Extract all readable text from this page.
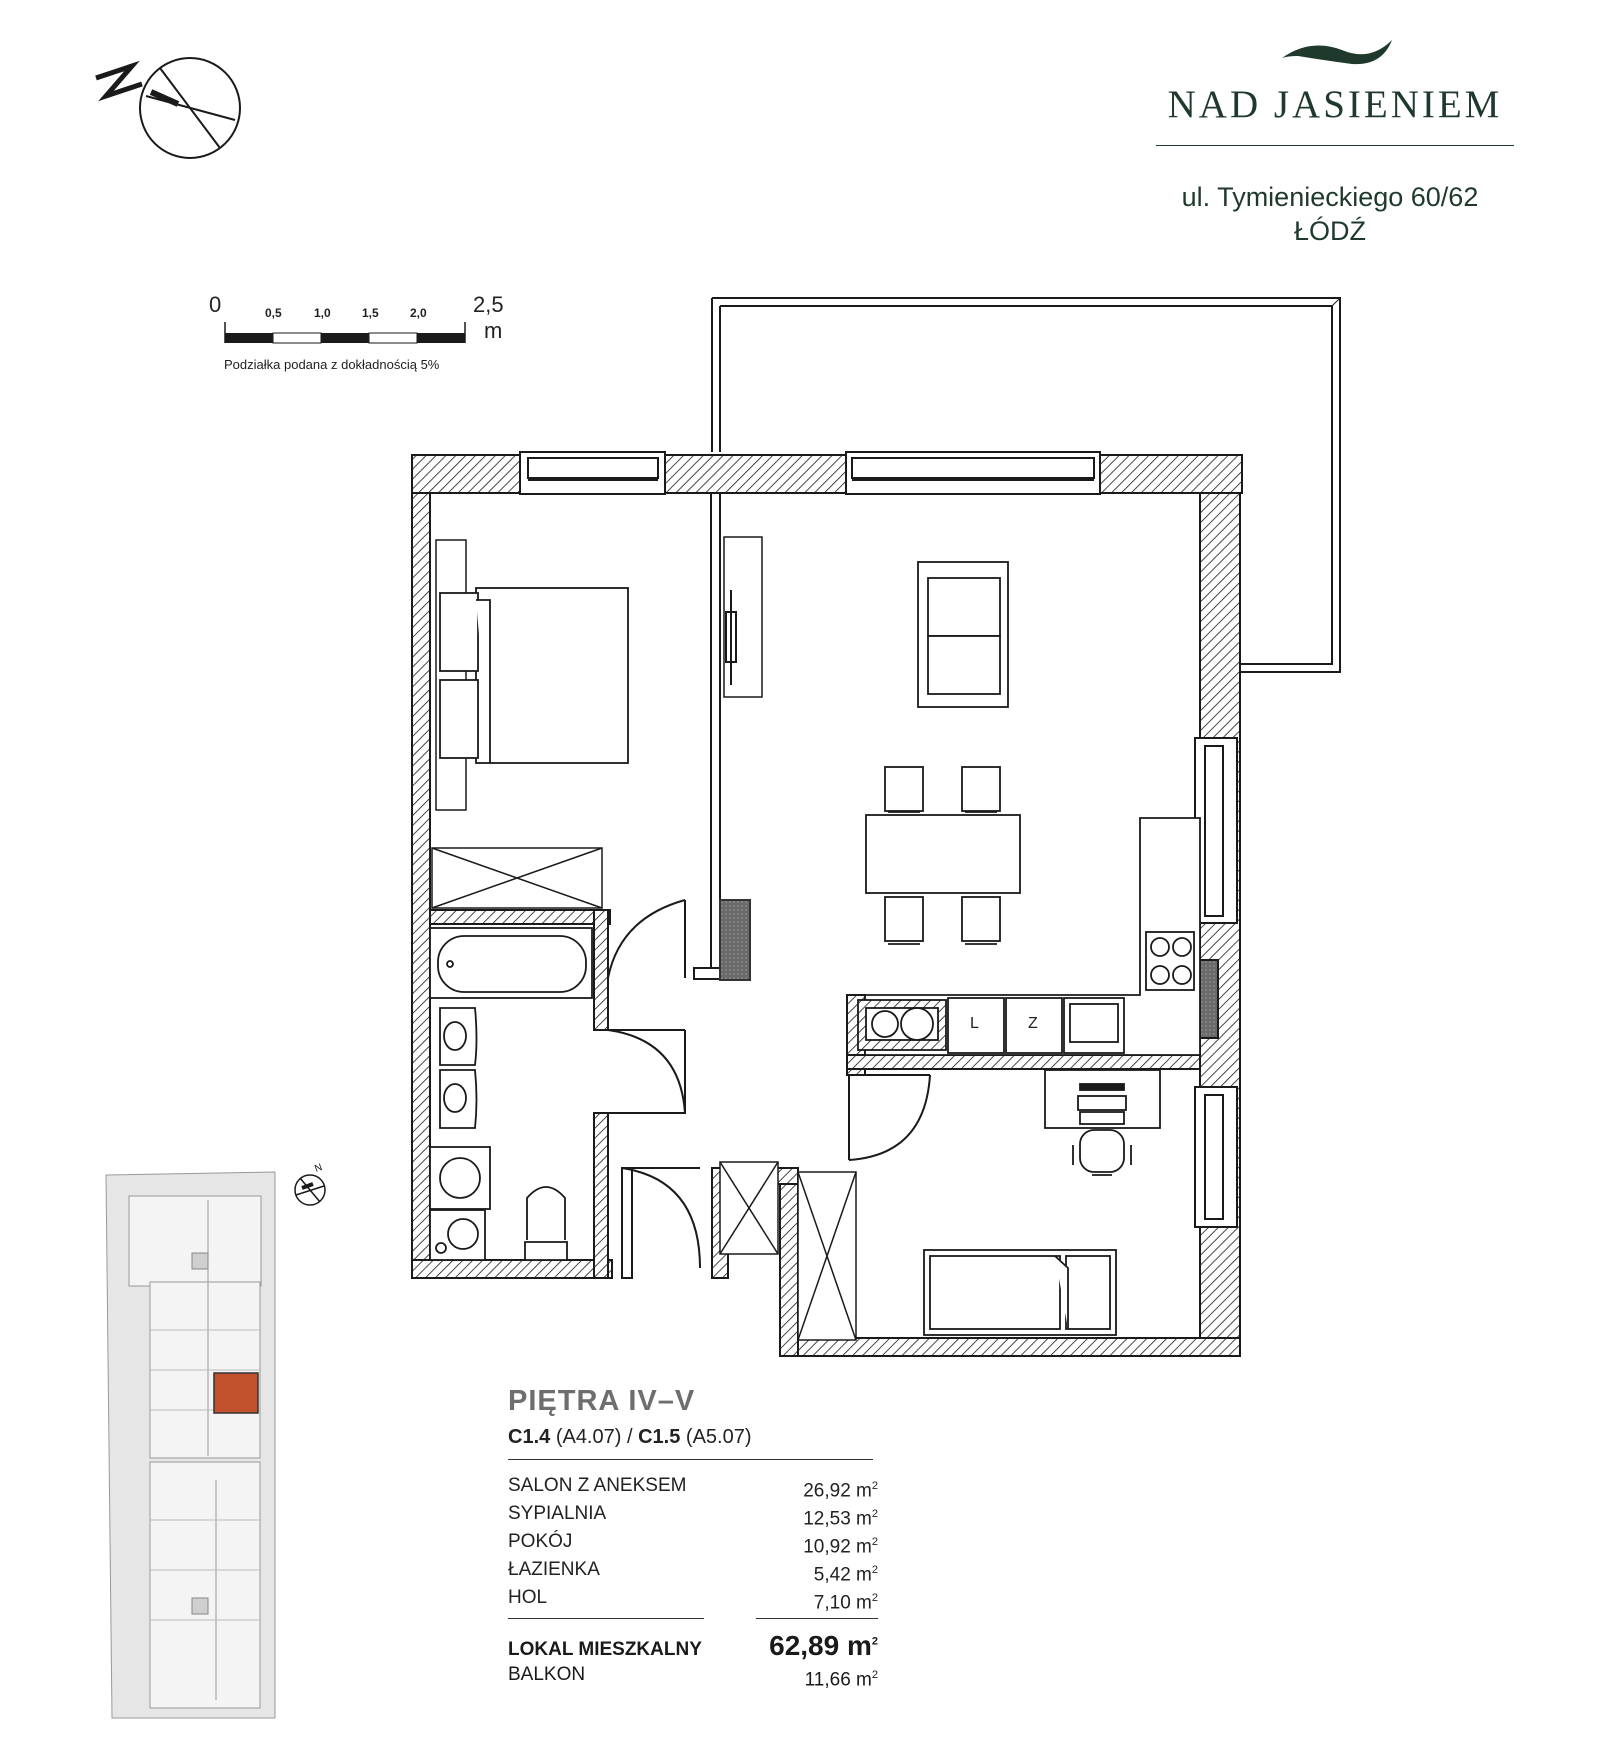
N
NAD JASIENIEM
ul. Tymienieckiego 60/62
ŁÓDŹ
0	0,5	1,0	1,5	2,0 2,5
m
Podziałka podana z dokładnością 5%
L	Z
PIĘTRA IV–V
C1.4 (A4.07) / C1.5 (A5.07)
SALON Z ANEKSEM	26,92 $m^2$
SYPIALNIA	12,53 $m^2$
POKÓJ	10,92 $m^2$
ŁAZIENKA	5,42 $m^2$
HOL	7,10 $m^2$
LOKAL MIESZKALNY 62,89 $m^2$
BALKON	11,66 $m^2$
